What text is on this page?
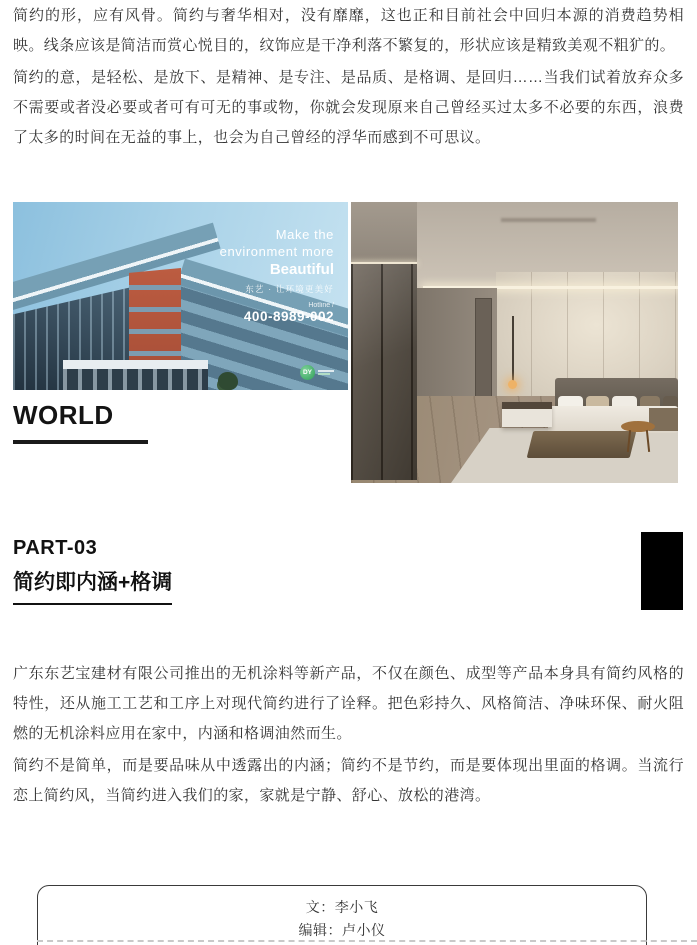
简约的形，应有风骨。简约与奢华相对，没有靡靡，这也正和目前社会中回归本源的消费趋势相映。线条应该是简洁而赏心悦目的，纹饰应是干净利落不繁复的，形状应该是精致美观不粗犷的。

简约的意，是轻松、是放下、是精神、是专注、是品质、是格调、是回归……当我们试着放弃众多不需要或者没必要或者可有可无的事或物，你就会发现原来自己曾经买过太多不必要的东西，浪费了太多的时间在无益的事上，也会为自己曾经的浮华而感到不可思议。

Make the
environment more
Beautiful
东艺 · 让环境更美好
Hotline /
400-8989-002
DY
WORLD
PART-03
简约即内涵+格调

广东东艺宝建材有限公司推出的无机涂料等新产品，不仅在颜色、成型等产品本身具有简约风格的特性，还从施工工艺和工序上对现代简约进行了诠释。把色彩持久、风格简洁、净味环保、耐火阻燃的无机涂料应用在家中，内涵和格调油然而生。

简约不是简单，而是要品味从中透露出的内涵；简约不是节约，而是要体现出里面的格调。当流行恋上简约风，当简约进入我们的家，家就是宁静、舒心、放松的港湾。

文：李小飞

编辑：卢小仪
